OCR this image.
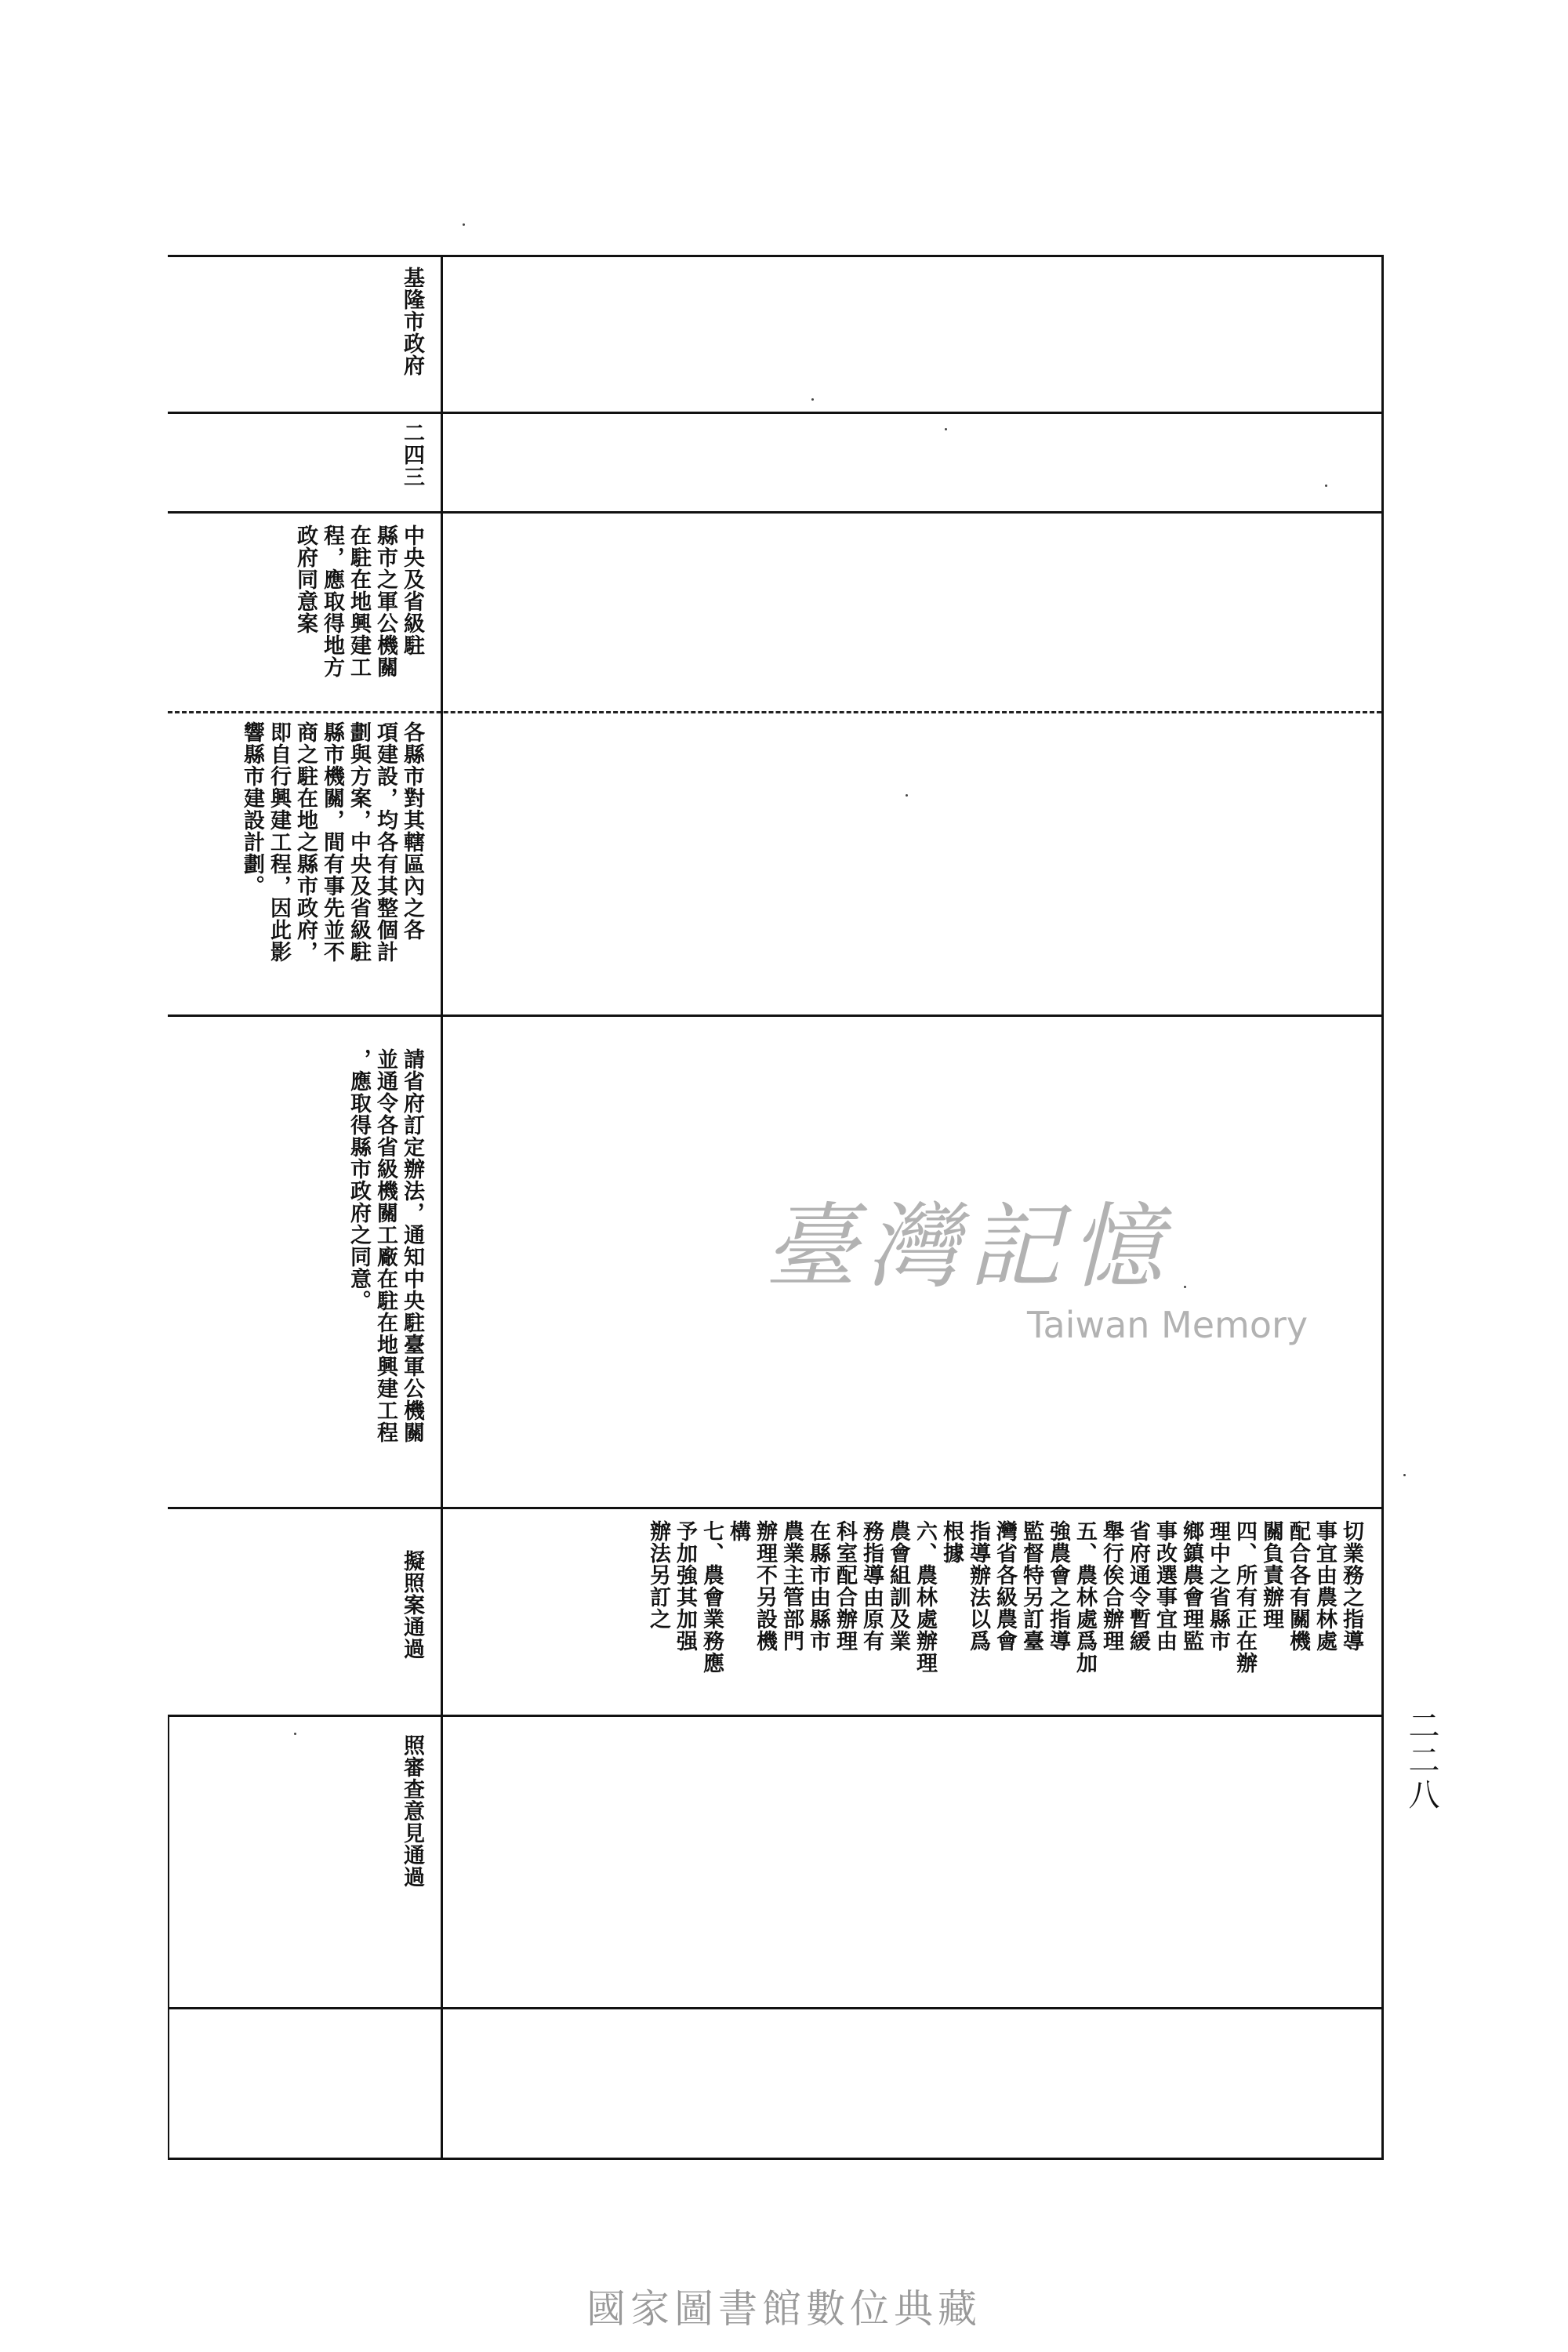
基隆市政府
二四三
中央及省級駐
縣市之軍公機關
在駐在地興建工
程，應取得地方
政府同意案
各縣市對其轄區內之各
項建設，均各有其整個計
劃與方案，中央及省級駐
縣市機關，間有事先並不
商之駐在地之縣市政府，
即自行興建工程，因此影
響縣市建設計劃。
請省府訂定辦法，通知中央駐臺軍公機關
並通令各省級機關工廠在駐在地興建工程
，應取得縣市政府之同意。
擬照案通過
照審查意見通過
切業務之指導
事宜由農林處
配合各有關機
關負責辦理
四、所有正在辦
理中之省縣市
鄉鎮農會理監
事改選事宜由
省府通令暫緩
舉行俟合辦理
五、農林處爲加
強農會之指導
監督特另訂臺
灣省各級農會
指導辦法以爲
根據
六、農林處辦理
農會組訓及業
務指導由原有
科室配合辦理
在縣市由縣市
農業主管部門
辦理不另設機
構
七、農會業務應
予加強其加强
辦法另訂之
二二八
臺灣記憶
Taiwan Memory
國家圖書館數位典藏
